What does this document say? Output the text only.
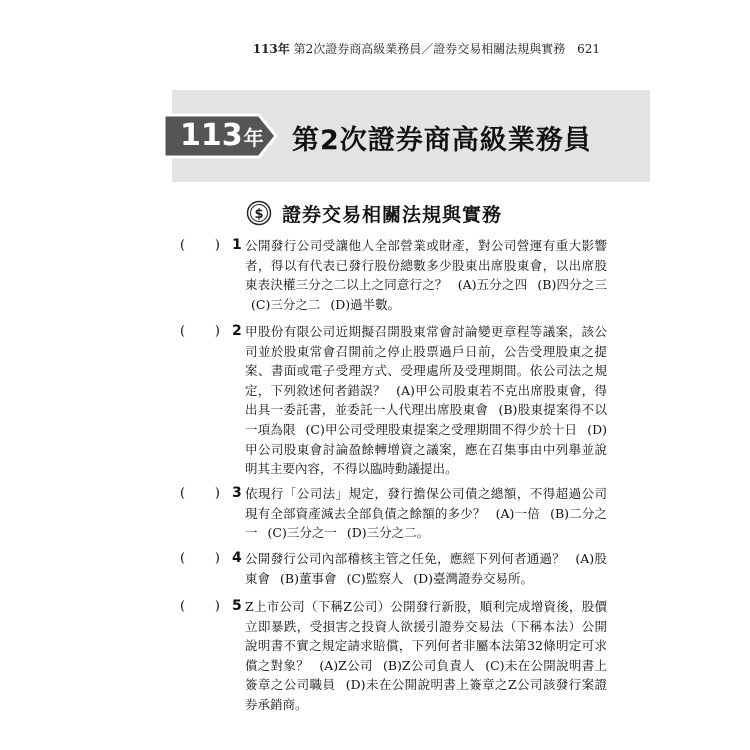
113年 第2次證券商高級業務員／證券交易相關法規與實務 621
113年 第2次證券商高級業務員
$ 證券交易相關法規與實務
( ) 1 公開發行公司受讓他人全部營業或財產，對公司營運有重大影響者，得以有代表已發行股份總數多少股東出席股東會，以出席股東表決權三分之二以上之同意行之？ (A)五分之四 (B)四分之三 (C)三分之二 (D)過半數。
( ) 2 甲股份有限公司近期擬召開股東常會討論變更章程等議案，該公司並於股東常會召開前之停止股票過戶日前，公告受理股東之提案、書面或電子受理方式、受理處所及受理期間。依公司法之規定，下列敘述何者錯誤？ (A)甲公司股東若不克出席股東會，得出具一委託書，並委託一人代理出席股東會 (B)股東提案得不以一項為限 (C)甲公司受理股東提案之受理期間不得少於十日 (D)甲公司股東會討論盈餘轉增資之議案，應在召集事由中列舉並說明其主要內容，不得以臨時動議提出。
( ) 3 依現行「公司法」規定，發行擔保公司債之總額，不得超過公司現有全部資產減去全部負債之餘額的多少？ (A)一倍 (B)二分之一 (C)三分之一 (D)三分之二。
( ) 4 公開發行公司內部稽核主管之任免，應經下列何者通過？ (A)股東會 (B)董事會 (C)監察人 (D)臺灣證券交易所。
( ) 5 Z上市公司（下稱Z公司）公開發行新股，順利完成增資後，股價立即暴跌，受損害之投資人欲援引證券交易法（下稱本法）公開說明書不實之規定請求賠償，下列何者非屬本法第32條明定可求償之對象？ (A)Z公司 (B)Z公司負責人 (C)未在公開說明書上簽章之公司職員 (D)未在公開說明書上簽章之Z公司該發行案證券承銷商。
